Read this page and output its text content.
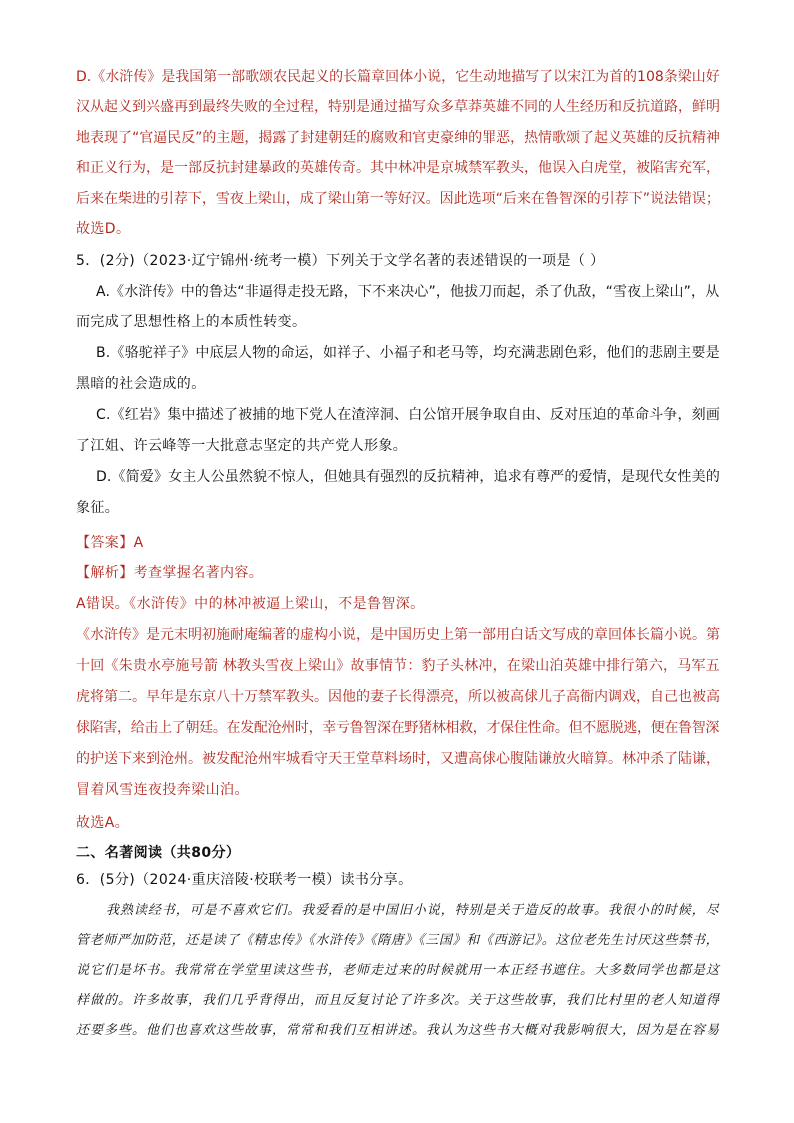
D.《水浒传》是我国第一部歌颂农民起义的长篇章回体小说，它生动地描写了以宋江为首的108条梁山好
汉从起义到兴盛再到最终失败的全过程，特别是通过描写众多草莽英雄不同的人生经历和反抗道路，鲜明
地表现了“官逼民反”的主题，揭露了封建朝廷的腐败和官吏豪绅的罪恶，热情歌颂了起义英雄的反抗精神
和正义行为，是一部反抗封建暴政的英雄传奇。其中林冲是京城禁军教头，他误入白虎堂，被陷害充军，
后来在柴进的引荐下，雪夜上梁山，成了梁山第一等好汉。因此选项“后来在鲁智深的引荐下”说法错误；
故选D。
5．(2分)（2023·辽宁锦州·统考一模）下列关于文学名著的表述错误的一项是（ ）
A.《水浒传》中的鲁达“非逼得走投无路，下不来决心”，他拔刀而起，杀了仇敌，“雪夜上梁山”，从
而完成了思想性格上的本质性转变。
B.《骆驼祥子》中底层人物的命运，如祥子、小福子和老马等，均充满悲剧色彩，他们的悲剧主要是
黑暗的社会造成的。
C.《红岩》集中描述了被捕的地下党人在渣滓洞、白公馆开展争取自由、反对压迫的革命斗争，刻画
了江姐、许云峰等一大批意志坚定的共产党人形象。
D.《简爱》女主人公虽然貌不惊人，但她具有强烈的反抗精神，追求有尊严的爱情，是现代女性美的
象征。
【答案】A
【解析】考查掌握名著内容。
A错误。《水浒传》中的林冲被逼上梁山，不是鲁智深。
《水浒传》是元末明初施耐庵编著的虚构小说，是中国历史上第一部用白话文写成的章回体长篇小说。第
十回《朱贵水亭施号箭 林教头雪夜上梁山》故事情节：豹子头林冲，在梁山泊英雄中排行第六，马军五
虎将第二。早年是东京八十万禁军教头。因他的妻子长得漂亮，所以被高俅儿子高衙内调戏，自己也被高
俅陷害，给击上了朝廷。在发配沧州时，幸亏鲁智深在野猪林相救，才保住性命。但不愿脱逃，便在鲁智深
的护送下来到沧州。被发配沧州牢城看守天王堂草料场时，又遭高俅心腹陆谦放火暗算。林冲杀了陆谦，
冒着风雪连夜投奔梁山泊。
故选A。
二、名著阅读（共80分）
6．(5分)（2024·重庆涪陵·校联考一模）读书分享。
我熟读经书，可是不喜欢它们。我爱看的是中国旧小说，特别是关于造反的故事。我很小的时候，尽
管老师严加防范，还是读了《精忠传》《水浒传》《隋唐》《三国》和《西游记》。这位老先生讨厌这些禁书，
说它们是坏书。我常常在学堂里读这些书，老师走过来的时候就用一本正经书遮住。大多数同学也都是这
样做的。许多故事，我们几乎背得出，而且反复讨论了许多次。关于这些故事，我们比村里的老人知道得
还要多些。他们也喜欢这些故事，常常和我们互相讲述。我认为这些书大概对我影响很大，因为是在容易
